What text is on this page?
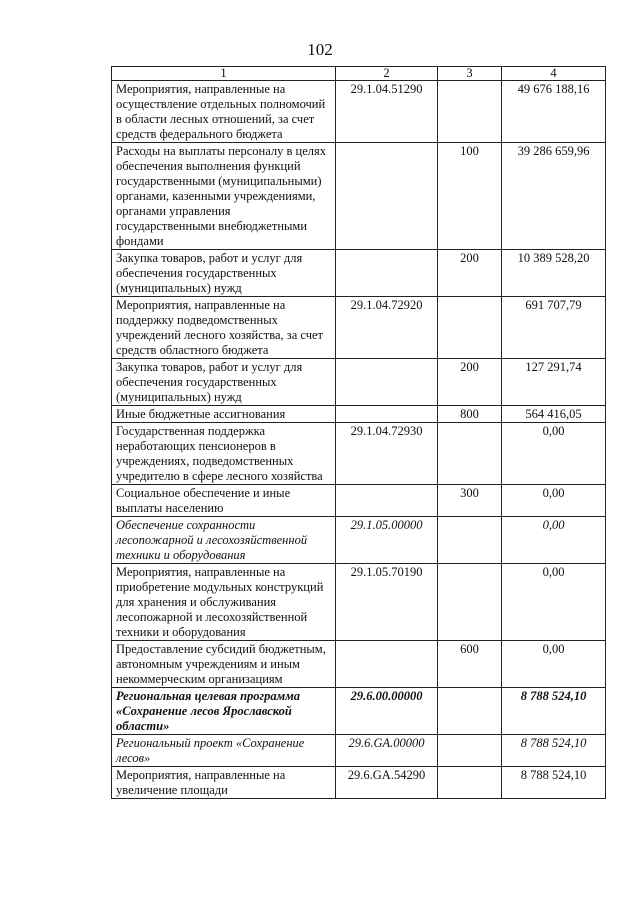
102
1	2	3	4
Мероприятия, направленные на осуществление отдельных полномочий в области лесных отношений, за счет средств федерального бюджета	29.1.04.51290		49 676 188,16
Расходы на выплаты персоналу в целях обеспечения выполнения функций государственными (муниципальными) органами, казенными учреждениями, органами управления государственными внебюджетными фондами		100	39 286 659,96
Закупка товаров, работ и услуг для обеспечения государственных (муниципальных) нужд		200	10 389 528,20
Мероприятия, направленные на поддержку подведомственных учреждений лесного хозяйства, за счет средств областного бюджета	29.1.04.72920		691 707,79
Закупка товаров, работ и услуг для обеспечения государственных (муниципальных) нужд		200	127 291,74
Иные бюджетные ассигнования		800	564 416,05
Государственная поддержка неработающих пенсионеров в учреждениях, подведомственных учредителю в сфере лесного хозяйства	29.1.04.72930		0,00
Социальное обеспечение и иные выплаты населению		300	0,00
Обеспечение сохранности лесопожарной и лесохозяйственной техники и оборудования	29.1.05.00000		0,00
Мероприятия, направленные на приобретение модульных конструкций для хранения и обслуживания лесопожарной и лесохозяйственной техники и оборудования	29.1.05.70190		0,00
Предоставление субсидий бюджетным, автономным учреждениям и иным некоммерческим организациям		600	0,00
Региональная целевая программа «Сохранение лесов Ярославской области»	29.6.00.00000		8 788 524,10
Региональный проект «Сохранение лесов»	29.6.GA.00000		8 788 524,10
Мероприятия, направленные на увеличение площади	29.6.GA.54290		8 788 524,10
